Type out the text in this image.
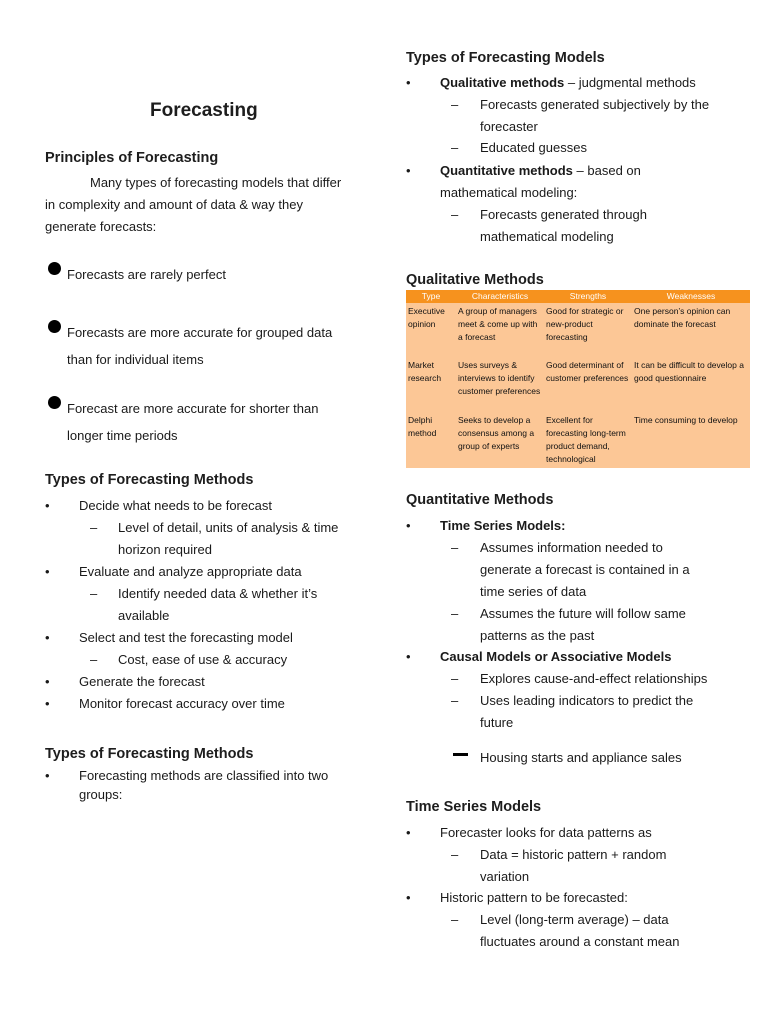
Forecasting
Principles of Forecasting
Many types of forecasting models that differ
in complexity and amount of data & way they
generate forecasts:
Forecasts are rarely perfect
Forecasts are more accurate for grouped data
than for individual items
Forecast are more accurate for shorter than
longer time periods
Types of Forecasting Methods
• Decide what needs to be forecast
– Level of detail, units of analysis & time
horizon required
• Evaluate and analyze appropriate data
– Identify needed data & whether it’s
available
• Select and test the forecasting model
– Cost, ease of use & accuracy
• Generate the forecast
• Monitor forecast accuracy over time
Types of Forecasting Methods
• Forecasting methods are classified into two
groups:
Types of Forecasting Models
• Qualitative methods – judgmental methods
– Forecasts generated subjectively by the
forecaster
– Educated guesses
• Quantitative methods – based on
mathematical modeling:
– Forecasts generated through
mathematical modeling
Qualitative Methods
Quantitative Methods
• Time Series Models:
– Assumes information needed to
generate a forecast is contained in a
time series of data
– Assumes the future will follow same
patterns as the past
• Causal Models or Associative Models
– Explores cause-and-effect relationships
– Uses leading indicators to predict the
future
Housing starts and appliance sales
Time Series Models
• Forecaster looks for data patterns as
– Data = historic pattern + random
variation
• Historic pattern to be forecasted:
– Level (long-term average) – data
fluctuates around a constant mean
Type	Characteristics	Strengths	Weaknesses
Executive opinion	A group of managers meet & come up with a forecast	Good for strategic or new-product forecasting	One person’s opinion can dominate the forecast
Market research	Uses surveys & interviews to identify customer preferences	Good determinant of customer preferences	It can be difficult to develop a good questionnaire
Delphi method	Seeks to develop a consensus among a group of experts	Excellent for forecasting long-term product demand, technological	Time consuming to develop
